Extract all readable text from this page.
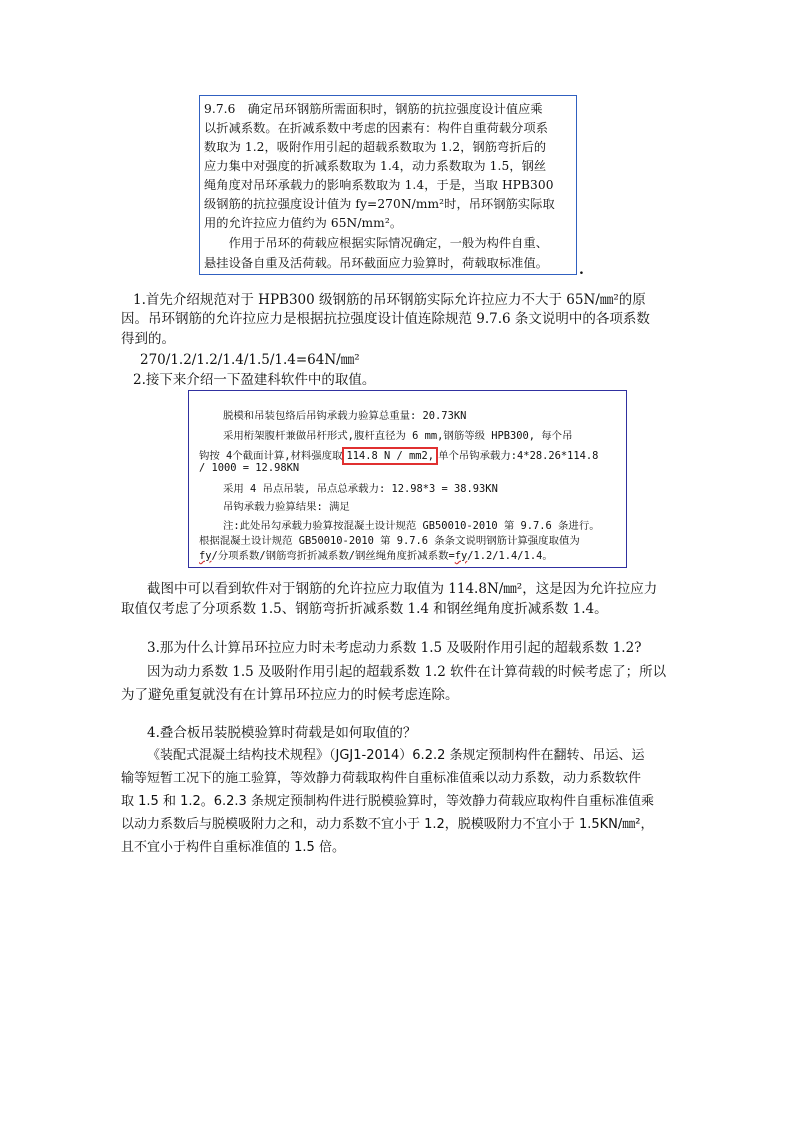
9.7.6　确定吊环钢筋所需面积时，钢筋的抗拉强度设计值应乘
以折减系数。在折减系数中考虑的因素有：构件自重荷载分项系
数取为 1.2，吸附作用引起的超载系数取为 1.2，钢筋弯折后的
应力集中对强度的折减系数取为 1.4，动力系数取为 1.5，钢丝
绳角度对吊环承载力的影响系数取为 1.4，于是，当取 HPB300
级钢筋的抗拉强度设计值为 fy=270N/mm²时，吊环钢筋实际取
用的允许拉应力值约为 65N/mm²。
　　作用于吊环的荷载应根据实际情况确定，一般为构件自重、
悬挂设备自重及活荷载。吊环截面应力验算时，荷载取标准值。 .
1.首先介绍规范对于 HPB300 级钢筋的吊环钢筋实际允许拉应力不大于 65N/㎜²的原
因。吊环钢筋的允许拉应力是根据抗拉强度设计值连除规范 9.7.6 条文说明中的各项系数
得到的。
270/1.2/1.2/1.4/1.5/1.4=64N/㎜²
2.接下来介绍一下盈建科软件中的取值。
脱模和吊装包络后吊钩承载力验算总重量: 20.73KN
采用桁架腹杆兼做吊杆形式,腹杆直径为 6 mm,钢筋等级 HPB300, 每个吊
钩按 4个截面计算,材料强度取 114.8 N / mm2, 单个吊钩承载力:4*28.26*114.8
/ 1000 = 12.98KN
采用 4 吊点吊装, 吊点总承载力: 12.98*3 = 38.93KN
吊钩承载力验算结果: 满足
注:此处吊勾承载力验算按混凝土设计规范 GB50010-2010 第 9.7.6 条进行。
根据混凝土设计规范 GB50010-2010 第 9.7.6 条条文说明钢筋计算强度取值为
fy/分项系数/钢筋弯折折减系数/钢丝绳角度折减系数=fy/1.2/1.4/1.4。
截图中可以看到软件对于钢筋的允许拉应力取值为 114.8N/㎜²，这是因为允许拉应力
取值仅考虑了分项系数 1.5、钢筋弯折折减系数 1.4 和钢丝绳角度折减系数 1.4。
3.那为什么计算吊环拉应力时未考虑动力系数 1.5 及吸附作用引起的超载系数 1.2?
因为动力系数 1.5 及吸附作用引起的超载系数 1.2 软件在计算荷载的时候考虑了；所以
为了避免重复就没有在计算吊环拉应力的时候考虑连除。
4.叠合板吊装脱模验算时荷载是如何取值的？
《装配式混凝土结构技术规程》（JGJ1-2014）6.2.2 条规定预制构件在翻转、吊运、运
输等短暂工况下的施工验算，等效静力荷载取构件自重标准值乘以动力系数，动力系数软件
取 1.5 和 1.2。6.2.3 条规定预制构件进行脱模验算时，等效静力荷载应取构件自重标准值乘
以动力系数后与脱模吸附力之和，动力系数不宜小于 1.2，脱模吸附力不宜小于 1.5KN/㎜²，
且不宜小于构件自重标准值的 1.5 倍。
